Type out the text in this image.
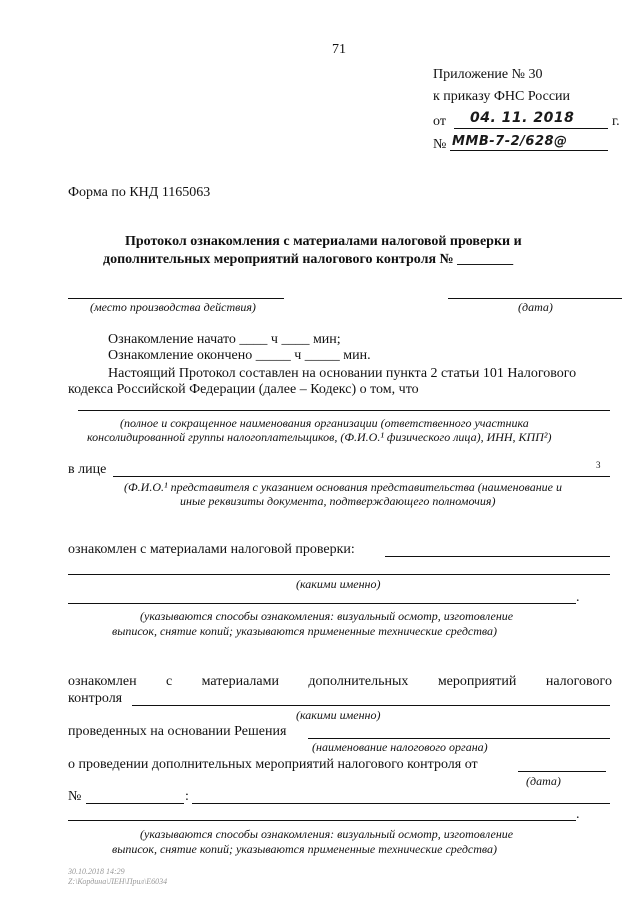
71
Приложение № 30
к приказу ФНС России
от 04. 11. 2018	г.
№ ММВ-7-2/628@
Форма по КНД 1165063
Протокол ознакомления с материалами налоговой проверки и
дополнительных мероприятий налогового контроля № ________
(место производства действия)	(дата)
Ознакомление начато ____ ч ____ мин;
Ознакомление окончено _____ ч _____ мин.
Настоящий Протокол составлен на основании пункта 2 статьи 101 Налогового
кодекса Российской Федерации (далее – Кодекс) о том, что
(полное и сокращенное наименования организации (ответственного участника
консолидированной группы налогоплательщиков, (Ф.И.О.¹ физического лица), ИНН, КПП²)
в лице	3
(Ф.И.О.¹ представителя с указанием основания представительства (наименование и
иные реквизиты документа, подтверждающего полномочия)
ознакомлен с материалами налоговой проверки:
(какими именно)
.
(указываются способы ознакомления: визуальный осмотр, изготовление
выписок, снятие копий; указываются примененные технические средства)
ознакомлен с материалами дополнительных мероприятий налогового
контроля
(какими именно)
проведенных на основании Решения
(наименование налогового органа)
о проведении дополнительных мероприятий налогового контроля от
(дата)
№	:
.
(указываются способы ознакомления: визуальный осмотр, изготовление
выписок, снятие копий; указываются примененные технические средства)
30.10.2018 14:29
Z:\Кордина\ЛЕН\Прил\Е6034
